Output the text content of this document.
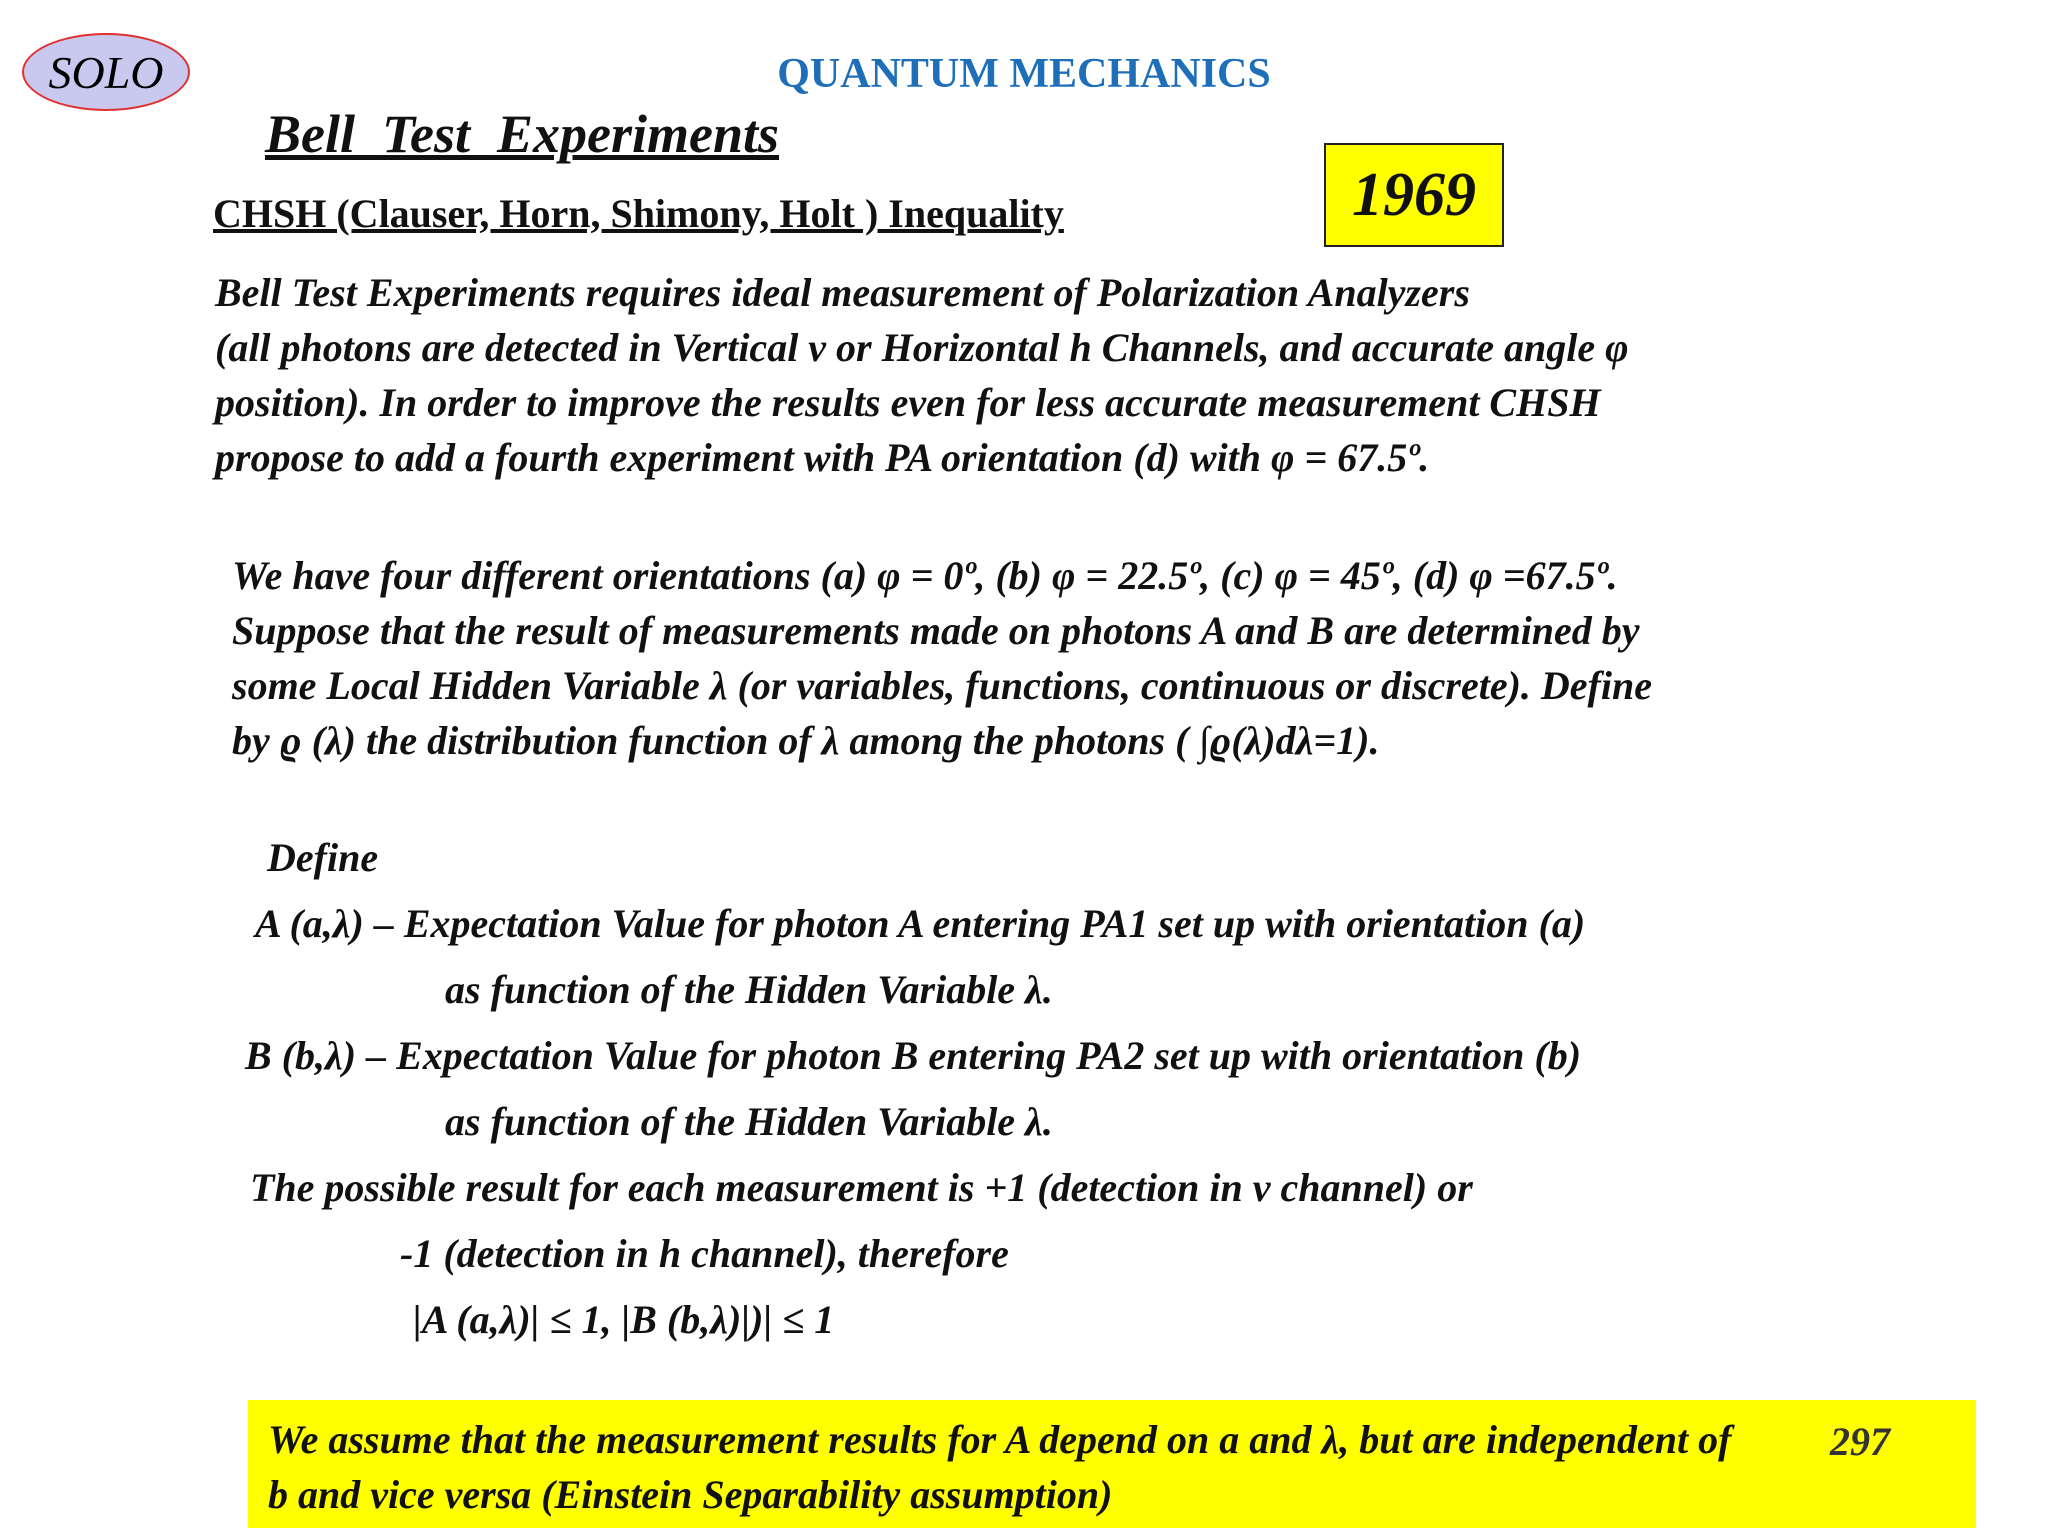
SOLO	QUANTUM MECHANICS
Bell_Test_Experiments
CHSH (Clauser, Horn, Shimony, Holt ) Inequality	1969
Bell Test Experiments requires ideal measurement of Polarization Analyzers
(all photons are detected in Vertical v or Horizontal h Channels, and accurate angle φ
position). In order to improve the results even for less accurate measurement CHSH
propose to add a fourth experiment with PA orientation (d) with φ = 67.5º.
We have four different orientations (a) φ = 0º, (b) φ = 22.5º, (c) φ = 45º, (d) φ =67.5º.
Suppose that the result of measurements made on photons A and B are determined by
some Local Hidden Variable λ (or variables, functions, continuous or discrete). Define
by ϱ (λ) the distribution function of λ among the photons ( ∫ϱ(λ)dλ=1).
Define
A (a,λ) – Expectation Value for photon A entering PA1 set up with orientation (a)
as function of the Hidden Variable λ.
B (b,λ) – Expectation Value for photon B entering PA2 set up with orientation (b)
as function of the Hidden Variable λ.
The possible result for each measurement is +1 (detection in v channel) or
-1 (detection in h channel), therefore
|A (a,λ)| ≤ 1, |B (b,λ)|)| ≤ 1
We assume that the measurement results for A depend on a and λ, but are independent of
b and vice versa (Einstein Separability assumption)
297
